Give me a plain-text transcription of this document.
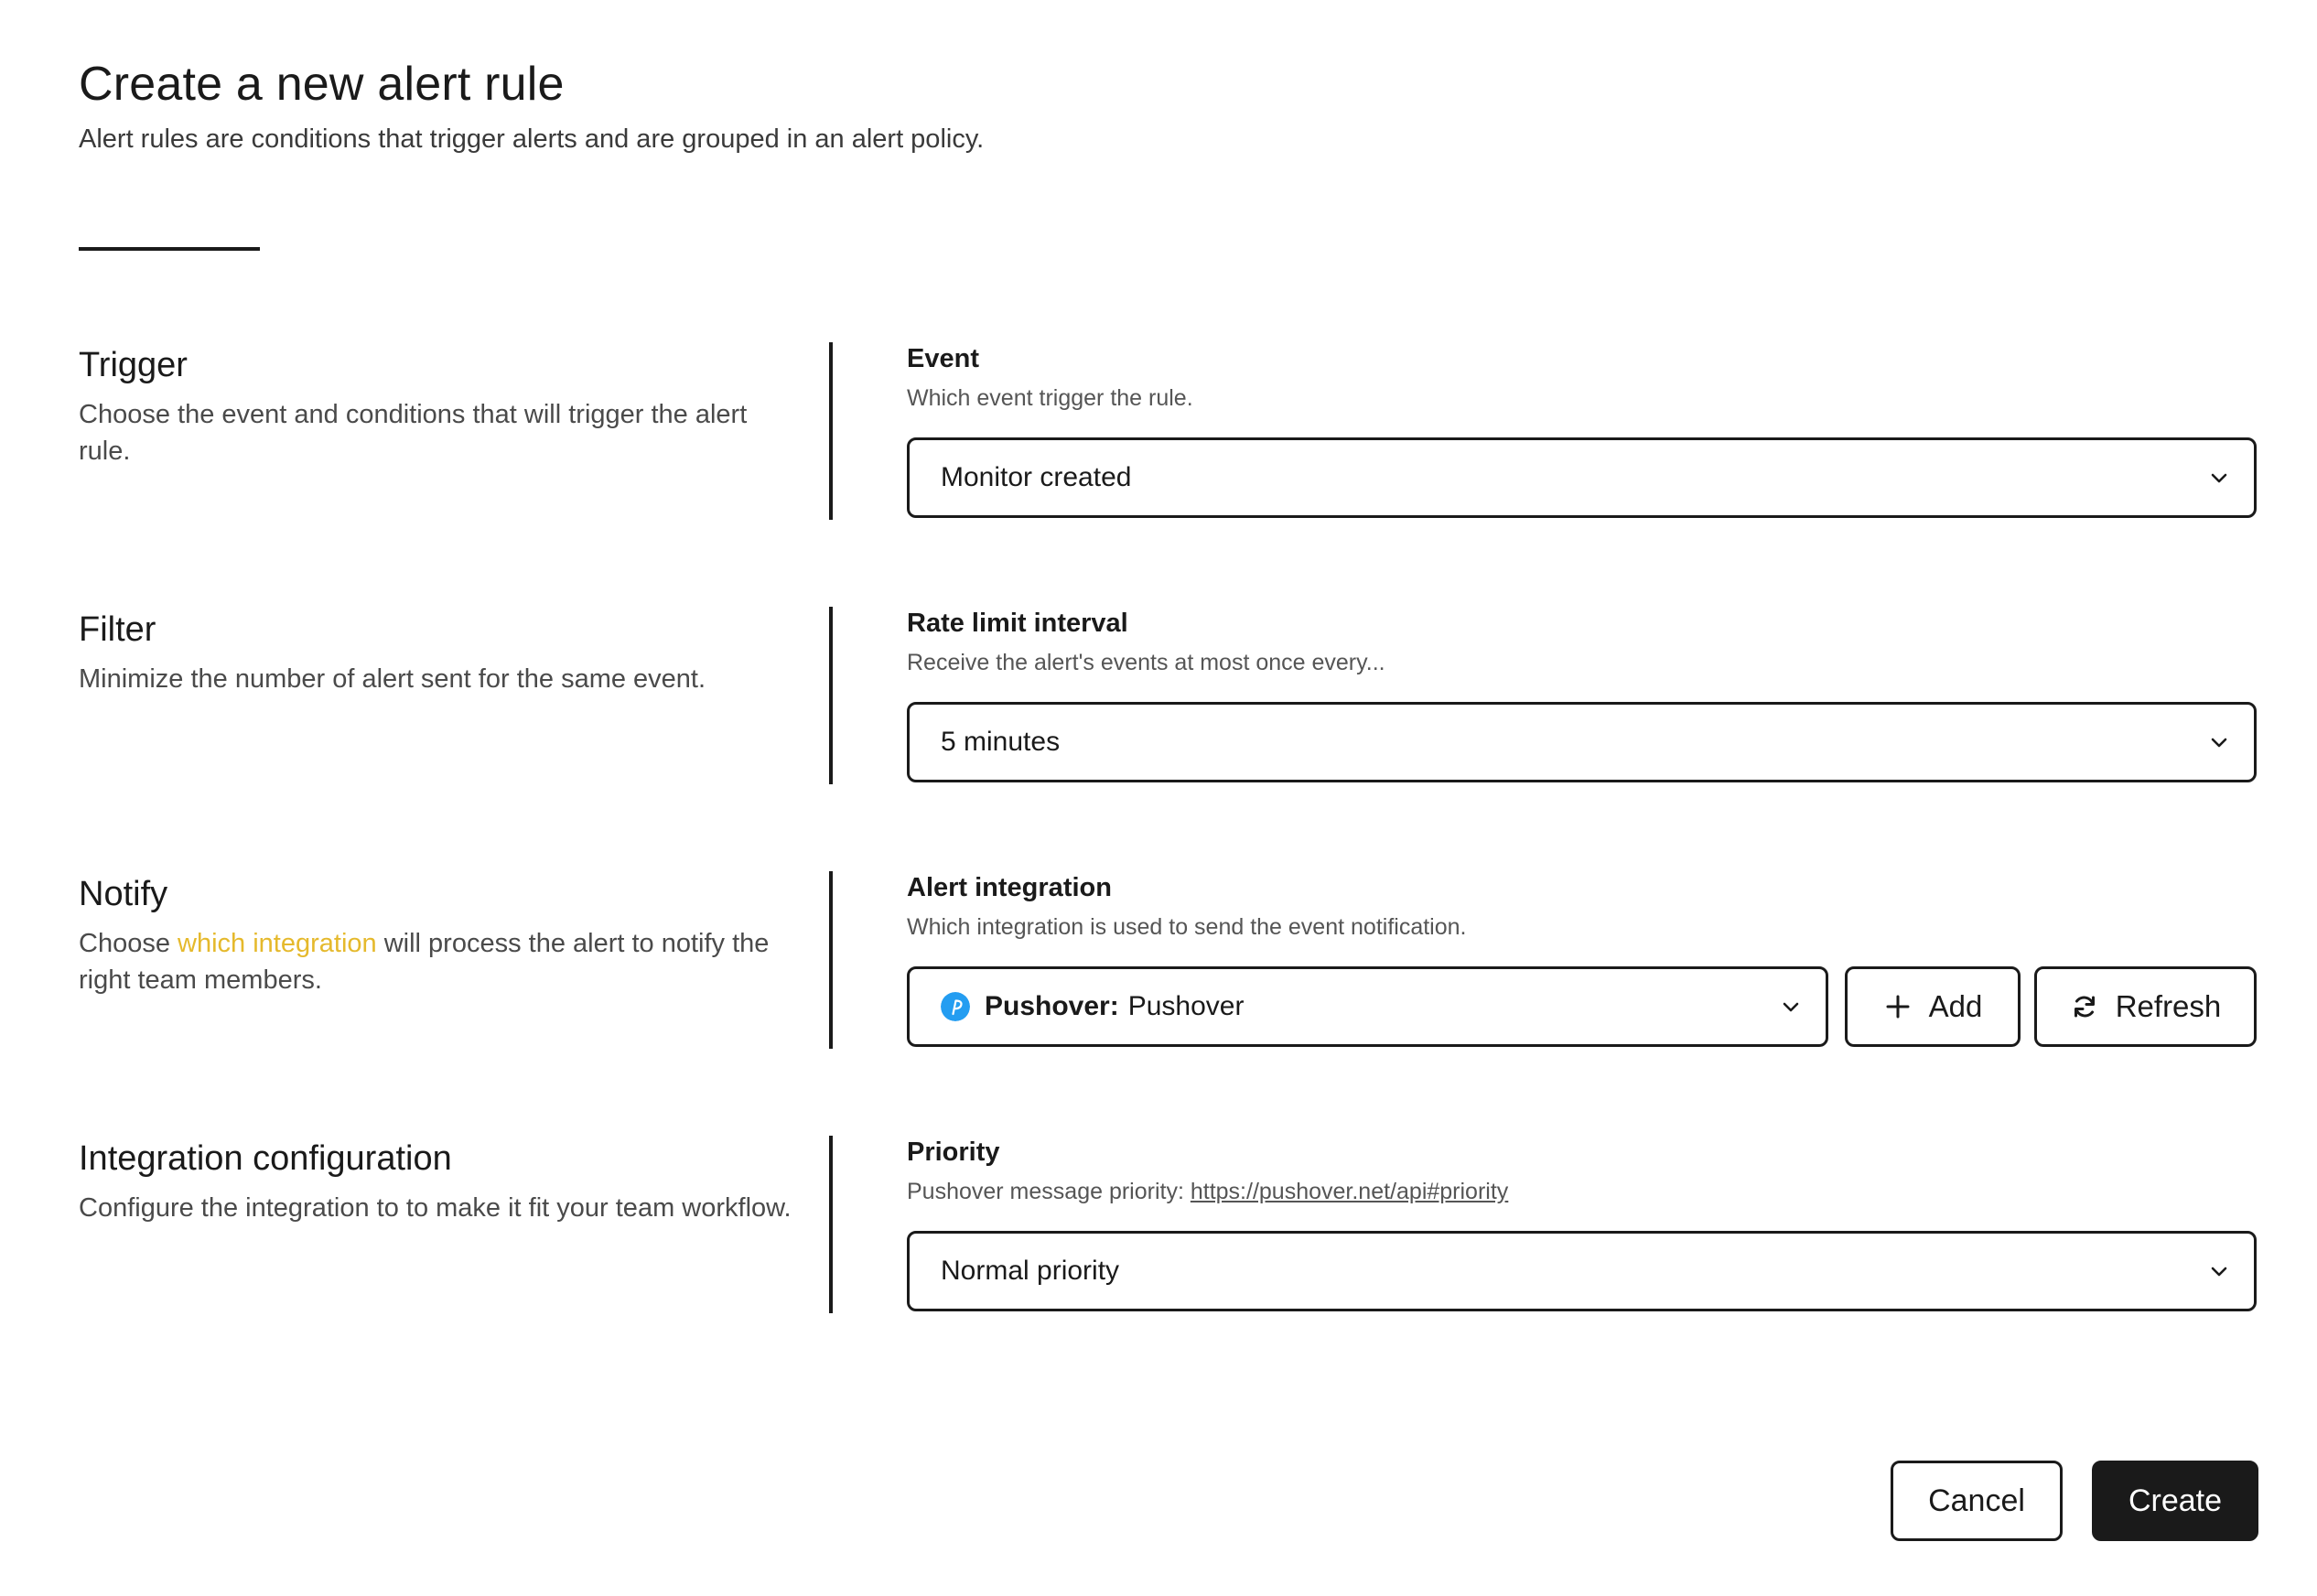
Create a new alert rule
Alert rules are conditions that trigger alerts and are grouped in an alert policy.
Trigger
Choose the event and conditions that will trigger the alert rule.
Event
Which event trigger the rule.
Monitor created
Filter
Minimize the number of alert sent for the same event.
Rate limit interval
Receive the alert's events at most once every...
5 minutes
Notify
Choose which integration will process the alert to notify the right team members.
Alert integration
Which integration is used to send the event notification.
Pushover: Pushover	Add	Refresh
Integration configuration
Configure the integration to to make it fit your team workflow.
Priority
Pushover message priority: https://pushover.net/api#priority
Normal priority
Cancel	Create
